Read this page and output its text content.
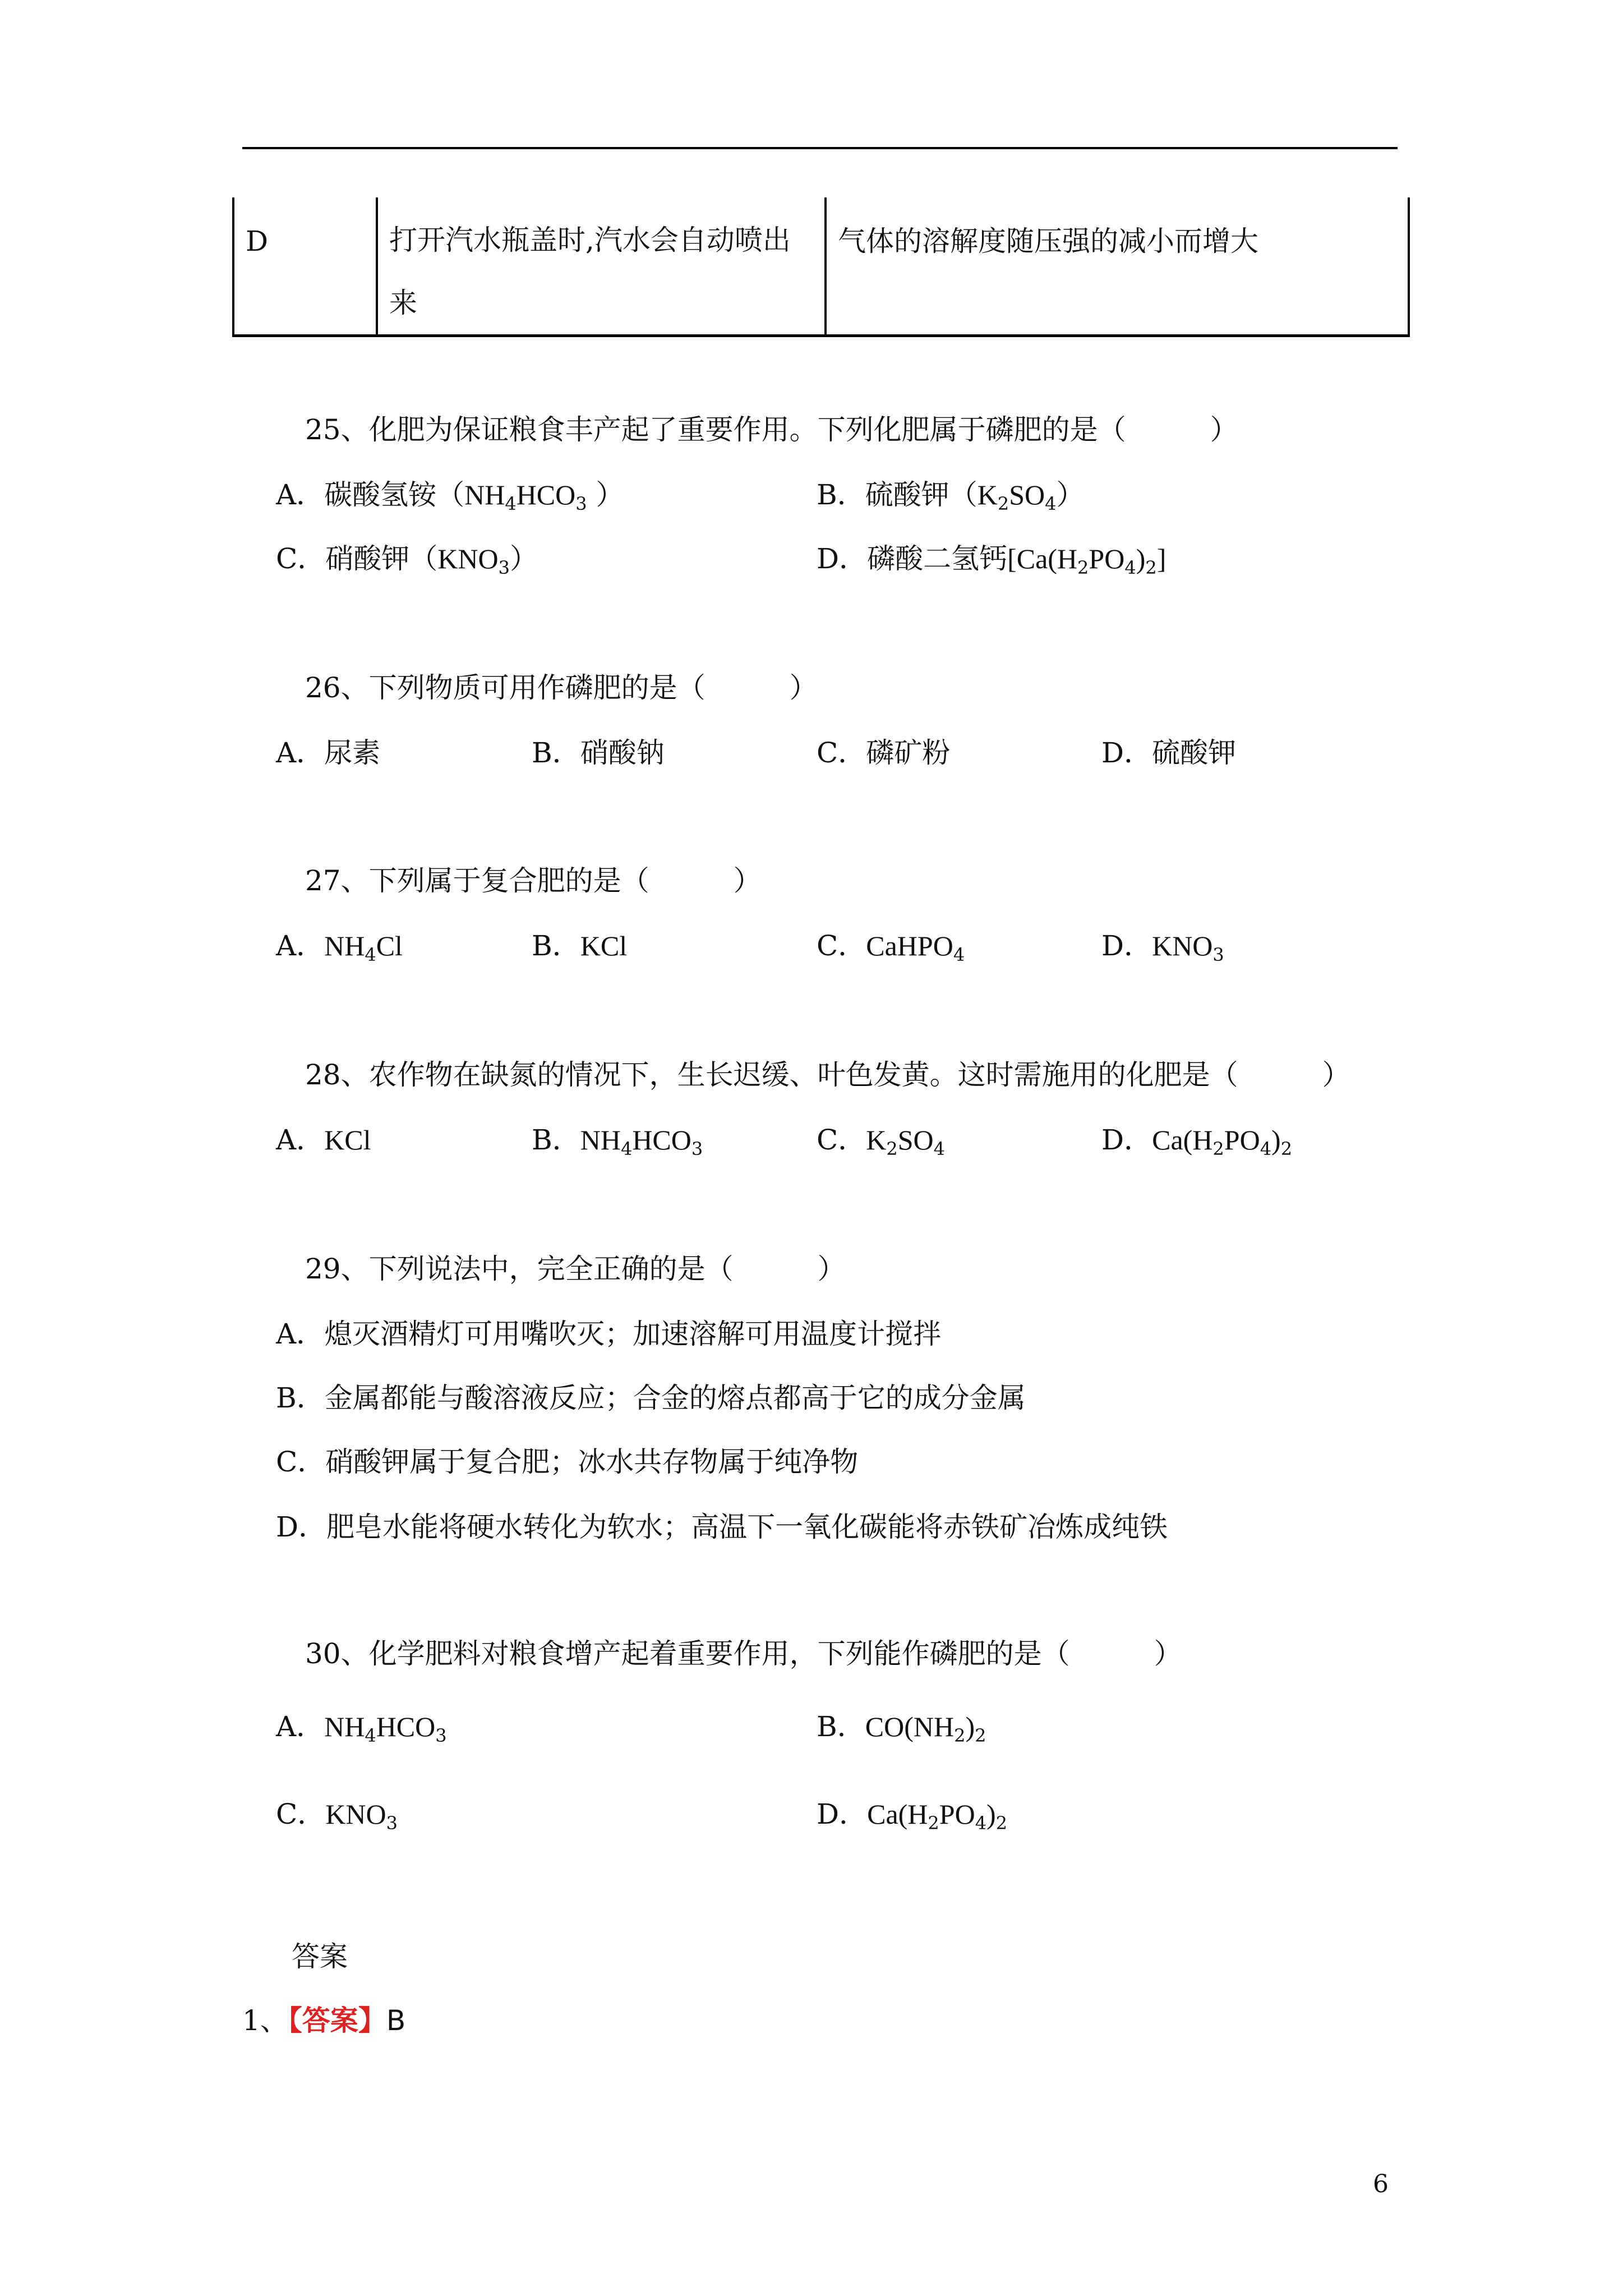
D	打开汽水瓶盖时,汽水会自动喷出
来
	气体的溶解度随压强的减小而增大
25、化肥为保证粮食丰产起了重要作用。下列化肥属于磷肥的是（　　　）
A．碳酸氢铵（$NH_4HCO_3$ ）	B．硫酸钾$(K_2SO_4)$
C．硝酸钾$(KNO_3)$	D．磷酸二氢钙$[Ca(H_2PO_4)_2]$
26、下列物质可用作磷肥的是（　　　）
A．尿素	B．硝酸钠	C．磷矿粉	D．硫酸钾
27、下列属于复合肥的是（　　　）
A．$NH_4Cl$	B．KCl	C．CaHPO$_4$	D．$KNO_3$
28、农作物在缺氮的情况下，生长迟缓、叶色发黄。这时需施用的化肥是（　　　）
A．KCl	B．$NH_4HCO_3$	C．$K_2SO_4$	D．$Ca(H_2PO_4)_2$
29、下列说法中，完全正确的是（　　　）
A．熄灭酒精灯可用嘴吹灭；加速溶解可用温度计搅拌
B．金属都能与酸溶液反应；合金的熔点都高于它的成分金属
C．硝酸钾属于复合肥；冰水共存物属于纯净物
D．肥皂水能将硬水转化为软水；高温下一氧化碳能将赤铁矿冶炼成纯铁
30、化学肥料对粮食增产起着重要作用，下列能作磷肥的是（　　　）
A．$NH_4HCO_3$	B．$CO(NH_2)_2$
C．$KNO_3$	D．$Ca(H_2PO_4)_2$
答案
1、【答案】B
6
